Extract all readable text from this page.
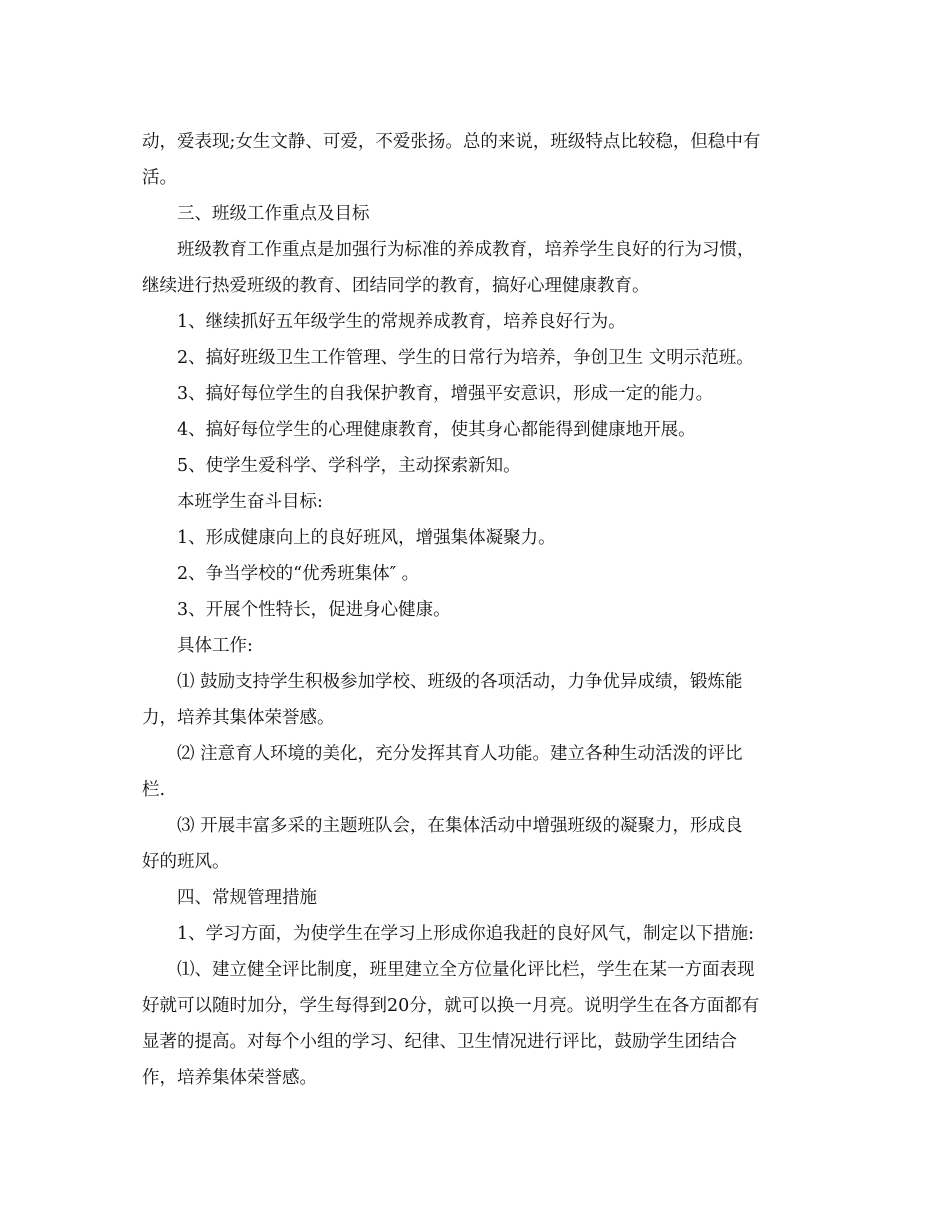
动，爱表现;女生文静、可爱，不爱张扬。总的来说，班级特点比较稳，但稳中有
活。
三、班级工作重点及目标
班级教育工作重点是加强行为标准的养成教育，培养学生良好的行为习惯，
继续进行热爱班级的教育、团结同学的教育，搞好心理健康教育。
1、继续抓好五年级学生的常规养成教育，培养良好行为。
2、搞好班级卫生工作管理、学生的日常行为培养，争创卫生 文明示范班。
3、搞好每位学生的自我保护教育，增强平安意识，形成一定的能力。
4、搞好每位学生的心理健康教育，使其身心都能得到健康地开展。
5、使学生爱科学、学科学，主动探索新知。
本班学生奋斗目标:
1、形成健康向上的良好班风，增强集体凝聚力。
2、争当学校的“优秀班集体″ 。
3、开展个性特长，促进身心健康。
具体工作:
⑴ 鼓励支持学生积极参加学校、班级的各项活动，力争优异成绩，锻炼能
力，培养其集体荣誉感。
⑵ 注意育人环境的美化，充分发挥其育人功能。建立各种生动活泼的评比
栏.
⑶ 开展丰富多采的主题班队会，在集体活动中增强班级的凝聚力，形成良
好的班风。
四、常规管理措施
1、学习方面，为使学生在学习上形成你追我赶的良好风气，制定以下措施:
⑴、建立健全评比制度，班里建立全方位量化评比栏，学生在某一方面表现
好就可以随时加分，学生每得到20分，就可以换一月亮。说明学生在各方面都有
显著的提高。对每个小组的学习、纪律、卫生情况进行评比，鼓励学生团结合
作，培养集体荣誉感。
